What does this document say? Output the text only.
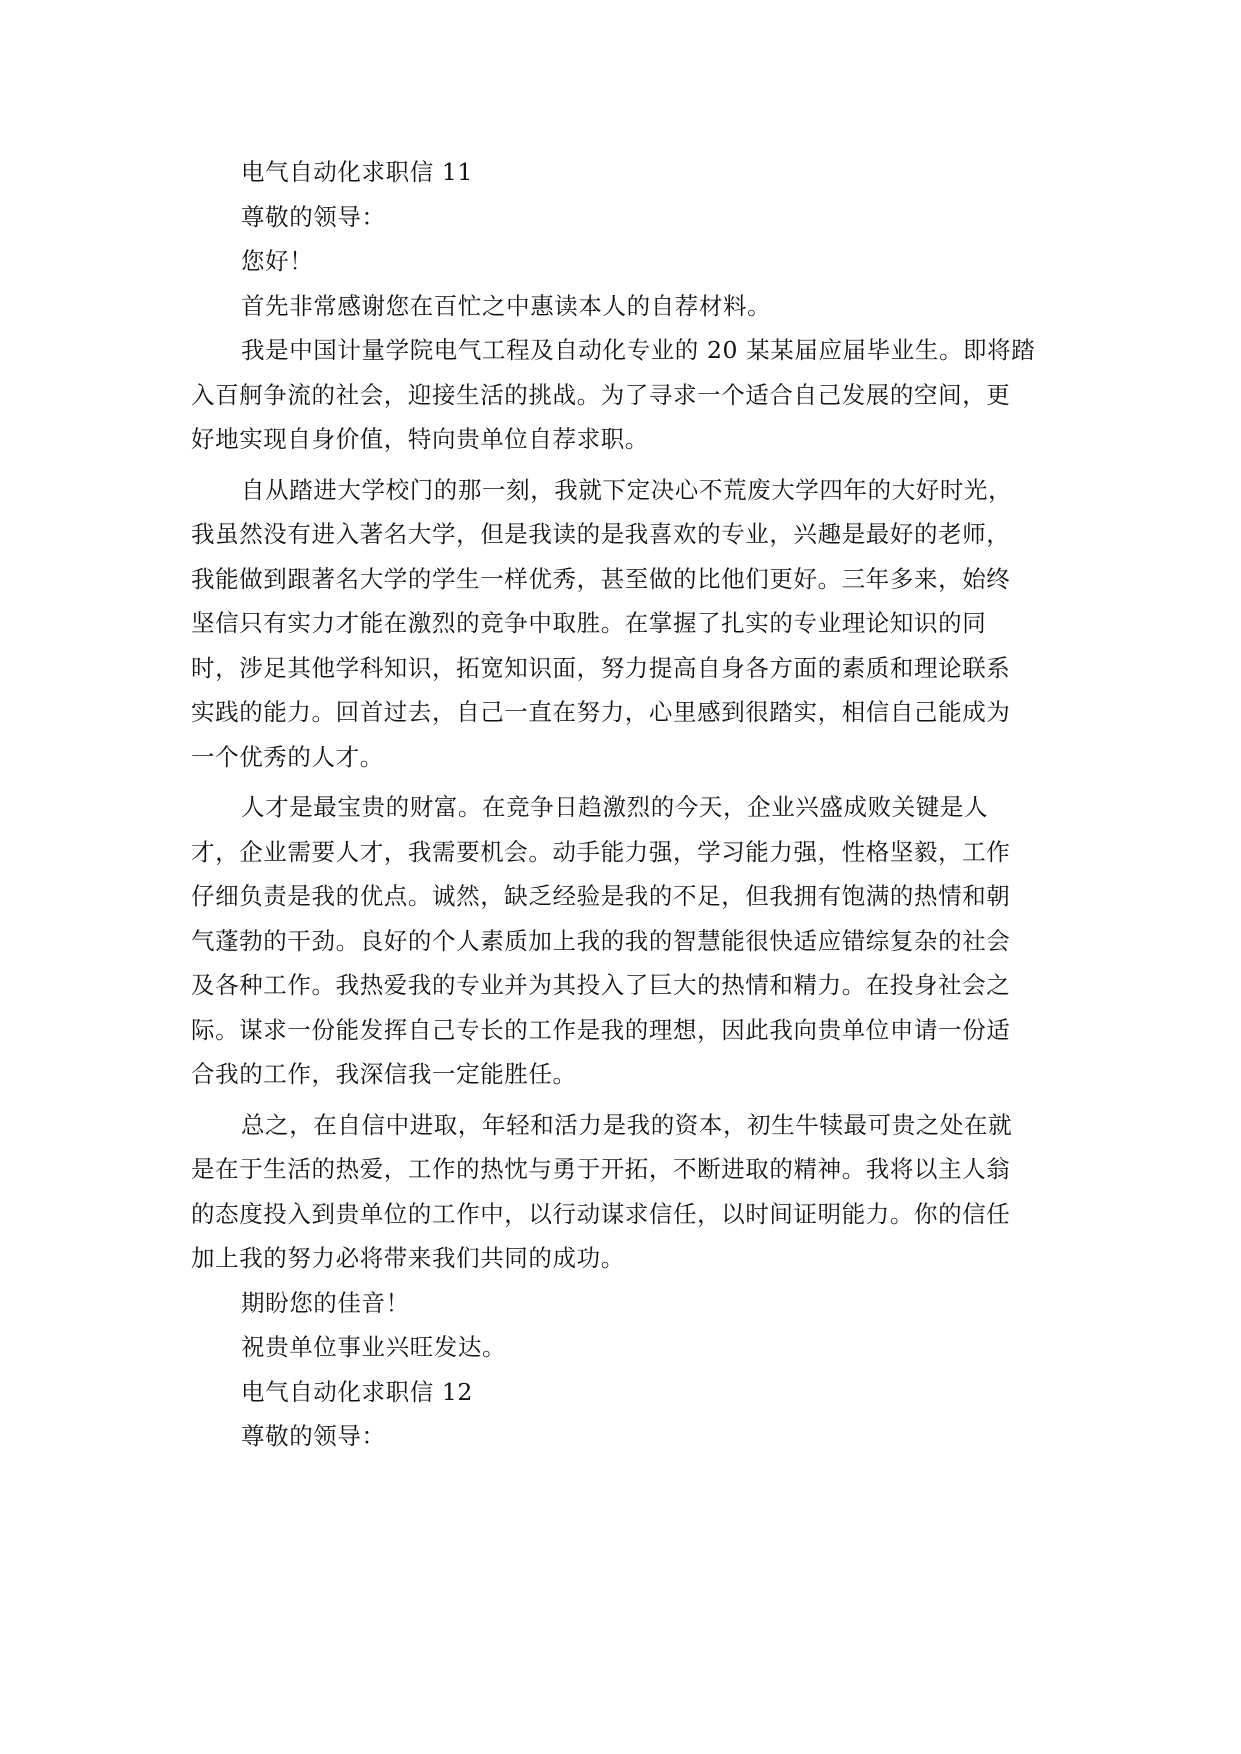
电气自动化求职信 11
尊敬的领导：
您好！
首先非常感谢您在百忙之中惠读本人的自荐材料。
我是中国计量学院电气工程及自动化专业的 20 某某届应届毕业生。即将踏
入百舸争流的社会，迎接生活的挑战。为了寻求一个适合自己发展的空间，更
好地实现自身价值，特向贵单位自荐求职。
自从踏进大学校门的那一刻，我就下定决心不荒废大学四年的大好时光，
我虽然没有进入著名大学，但是我读的是我喜欢的专业，兴趣是最好的老师，
我能做到跟著名大学的学生一样优秀，甚至做的比他们更好。三年多来，始终
坚信只有实力才能在激烈的竞争中取胜。在掌握了扎实的专业理论知识的同
时，涉足其他学科知识，拓宽知识面，努力提高自身各方面的素质和理论联系
实践的能力。回首过去，自己一直在努力，心里感到很踏实，相信自己能成为
一个优秀的人才。
人才是最宝贵的财富。在竞争日趋激烈的今天，企业兴盛成败关键是人
才，企业需要人才，我需要机会。动手能力强，学习能力强，性格坚毅，工作
仔细负责是我的优点。诚然，缺乏经验是我的不足，但我拥有饱满的热情和朝
气蓬勃的干劲。良好的个人素质加上我的我的智慧能很快适应错综复杂的社会
及各种工作。我热爱我的专业并为其投入了巨大的热情和精力。在投身社会之
际。谋求一份能发挥自己专长的工作是我的理想，因此我向贵单位申请一份适
合我的工作，我深信我一定能胜任。
总之，在自信中进取，年轻和活力是我的资本，初生牛犊最可贵之处在就
是在于生活的热爱，工作的热忱与勇于开拓，不断进取的精神。我将以主人翁
的态度投入到贵单位的工作中，以行动谋求信任，以时间证明能力。你的信任
加上我的努力必将带来我们共同的成功。
期盼您的佳音！
祝贵单位事业兴旺发达。
电气自动化求职信 12
尊敬的领导：
